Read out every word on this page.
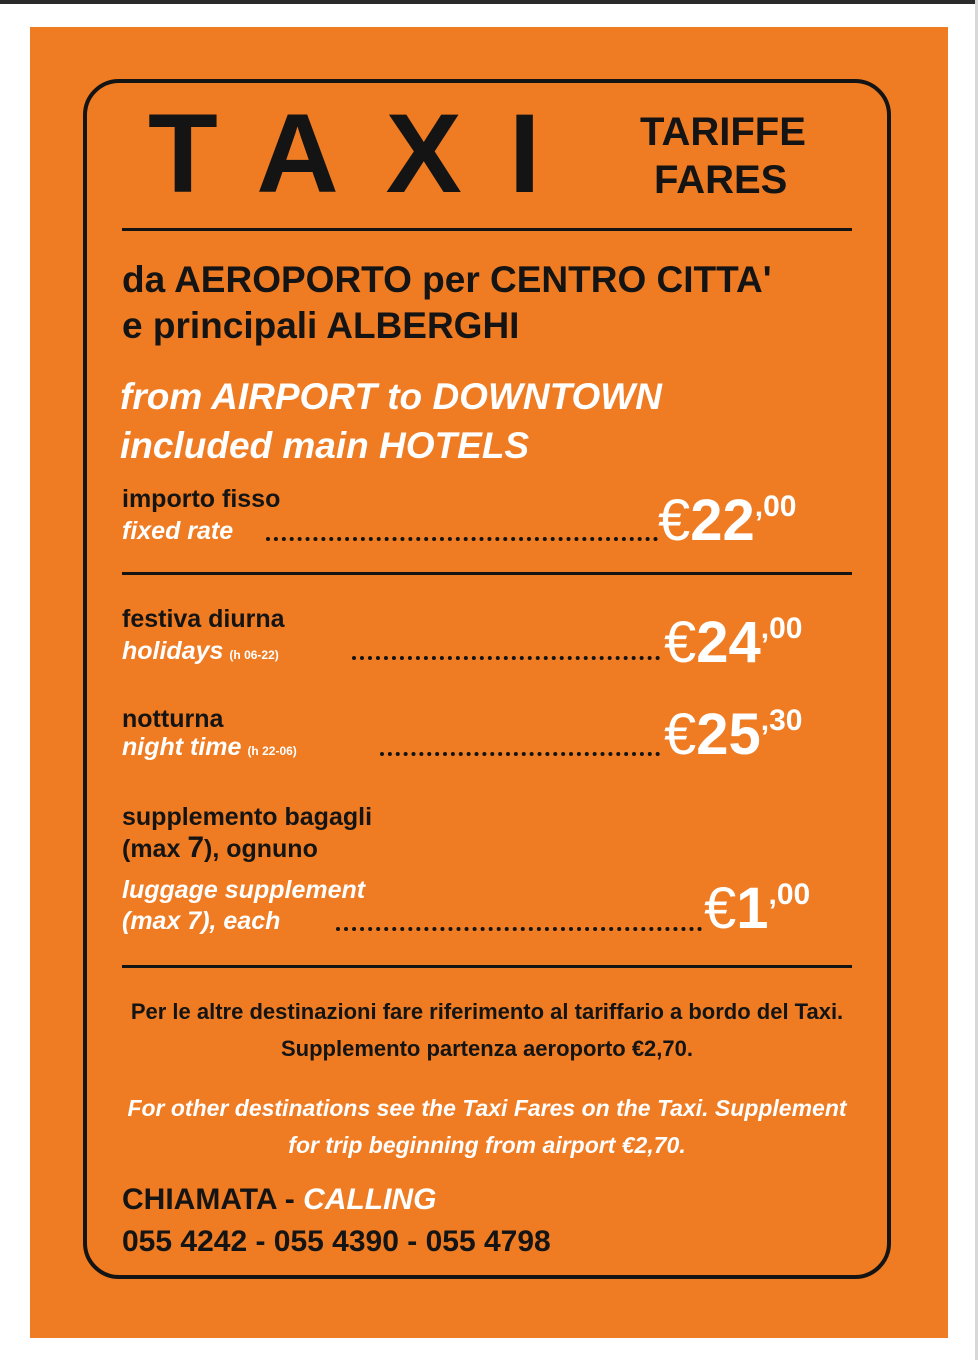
TAXI TARIFFE
FARES
da AEROPORTO per CENTRO CITTA'
e principali ALBERGHI
from AIRPORT to DOWNTOWN
included main HOTELS
importo fisso
fixed rate	€22,00
festiva diurna
holidays (h 06-22)	€24,00
notturna
night time (h 22-06)	€25,30
supplemento bagagli
(max 7), ognuno
luggage supplement
(max 7), each	€1,00
Per le altre destinazioni fare riferimento al tariffario a bordo del Taxi. Supplemento partenza aeroporto €2,70.
For other destinations see the Taxi Fares on the Taxi. Supplement for trip beginning from airport €2,70.
CHIAMATA - CALLING
055 4242 - 055 4390 - 055 4798
